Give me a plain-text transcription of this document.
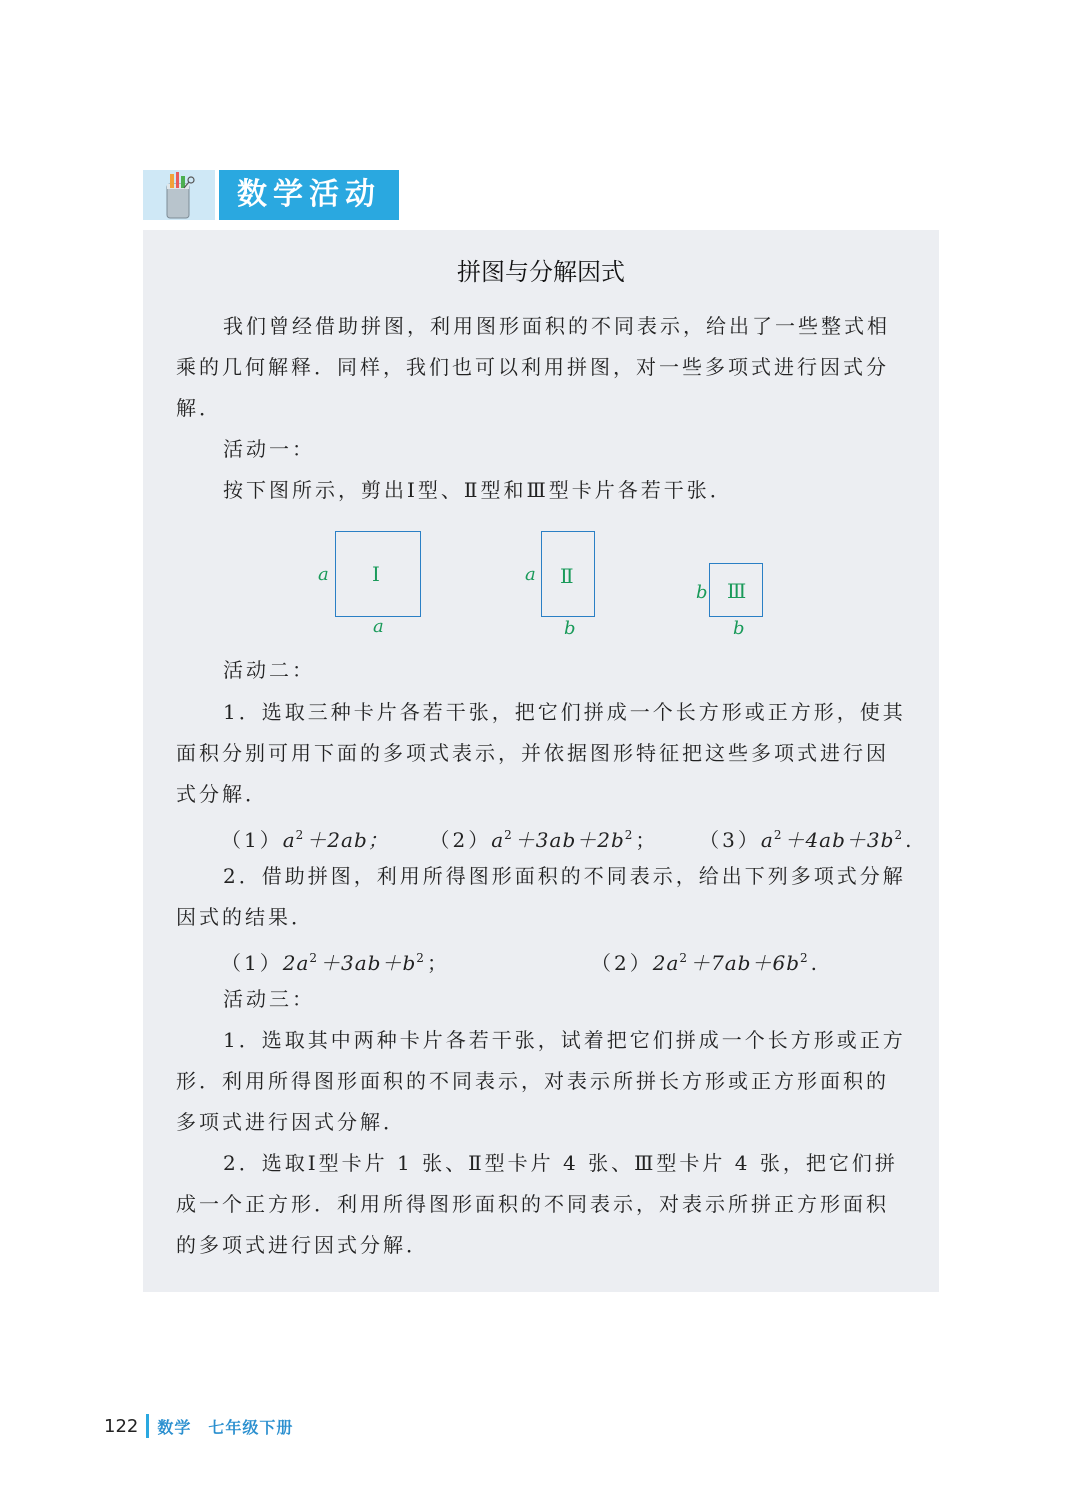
数学活动
拼图与分解因式
我们曾经借助拼图，利用图形面积的不同表示，给出了一些整式相乘的几何解释．同样，我们也可以利用拼图，对一些多项式进行因式分解．
活动一：
按下图所示，剪出Ⅰ型、Ⅱ型和Ⅲ型卡片各若干张．
活动二：
1．选取三种卡片各若干张，把它们拼成一个长方形或正方形，使其面积分别可用下面的多项式表示，并依据图形特征把这些多项式进行因式分解．
$(1)a^2+2ab$； $(2)a^2+3ab+2b^2$； $(3)a^2+4ab+3b^2$.
2．借助拼图，利用所得图形面积的不同表示，给出下列多项式分解因式的结果．
$(1)2a^2+3ab+b^2$；	$(2)2a^2+7ab+6b^2$.
活动三：
1．选取其中两种卡片各若干张，试着把它们拼成一个长方形或正方形．利用所得图形面积的不同表示，对表示所拼长方形或正方形面积的多项式进行因式分解．
2．选取Ⅰ型卡片 1 张、Ⅱ型卡片 4 张、Ⅲ型卡片 4 张，把它们拼成一个正方形．利用所得图形面积的不同表示，对表示所拼正方形面积的多项式进行因式分解．
Ⅰ
a
a
Ⅱ
a
b
Ⅲ
b
b
122 数学　七年级下册
